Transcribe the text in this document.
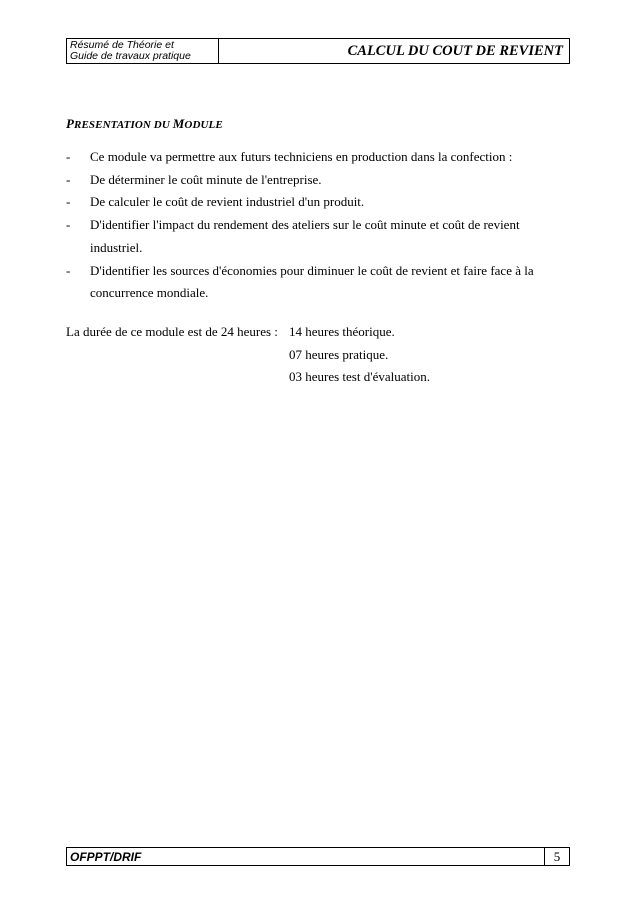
Résumé de Théorie et
Guide de travaux pratique	CALCUL DU COUT DE REVIENT
PRESENTATION DU MODULE
-	Ce module va permettre aux futurs techniciens en production dans la confection :
-	De déterminer le coût minute de l'entreprise.
-	De calculer le coût de revient industriel d'un produit.
-	D'identifier l'impact du rendement des ateliers sur le coût minute et coût de revient industriel.
-	D'identifier les sources d'économies pour diminuer le coût de revient et faire face à la concurrence mondiale.
La durée de ce module est de 24 heures : 14 heures théorique.
07 heures pratique.
03 heures test d'évaluation.
OFPPT/DRIF	5
